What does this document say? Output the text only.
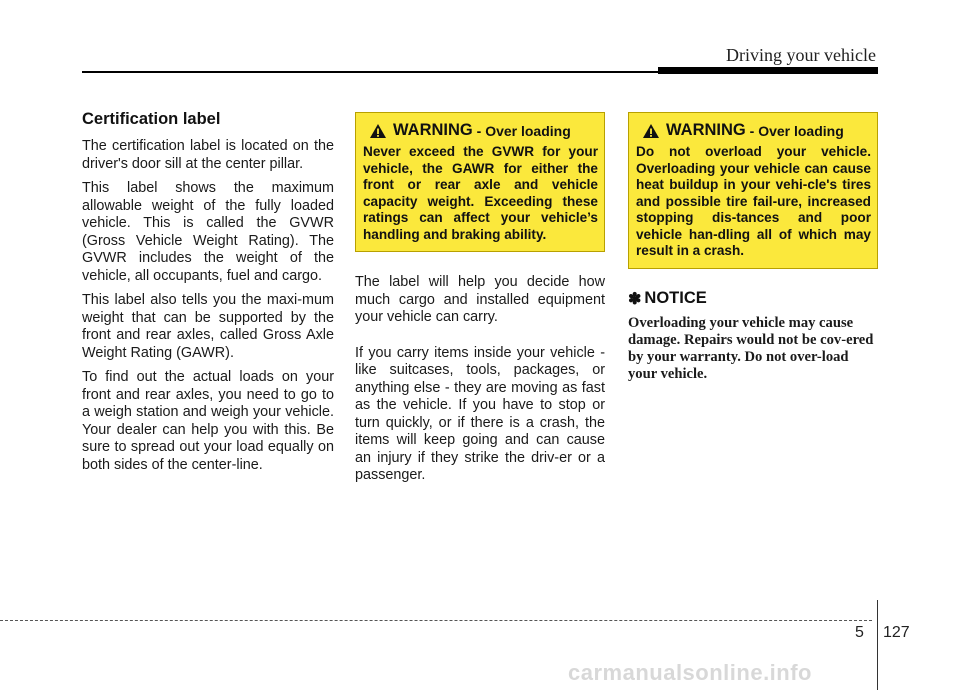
Driving your vehicle
Certification label

The certification label is located on the driver's door sill at the center pillar.

This label shows the maximum allowable weight of the fully loaded vehicle. This is called the GVWR (Gross Vehicle Weight Rating). The GVWR includes the weight of the vehicle, all occupants, fuel and cargo.

This label also tells you the maxi-mum weight that can be supported by the front and rear axles, called Gross Axle Weight Rating (GAWR).

To find out the actual loads on your front and rear axles, you need to go to a weigh station and weigh your vehicle. Your dealer can help you with this. Be sure to spread out your load equally on both sides of the center-line.

WARNING - Over loading

Never exceed the GVWR for your vehicle, the GAWR for either the front or rear axle and vehicle capacity weight. Exceeding these ratings can affect your vehicle’s handling and braking ability.

The label will help you decide how much cargo and installed equipment your vehicle can carry.

If you carry items inside your vehicle - like suitcases, tools, packages, or anything else - they are moving as fast as the vehicle. If you have to stop or turn quickly, or if there is a crash, the items will keep going and can cause an injury if they strike the driv-er or a passenger.

WARNING - Over loading

Do not overload your vehicle. Overloading your vehicle can cause heat buildup in your vehi-cle's tires and possible tire fail-ure, increased stopping dis-tances and poor vehicle han-dling all of which may result in a crash.

✽ NOTICE

Overloading your vehicle may cause damage. Repairs would not be cov-ered by your warranty. Do not over-load your vehicle.

5 127
carmanualsonline.info
